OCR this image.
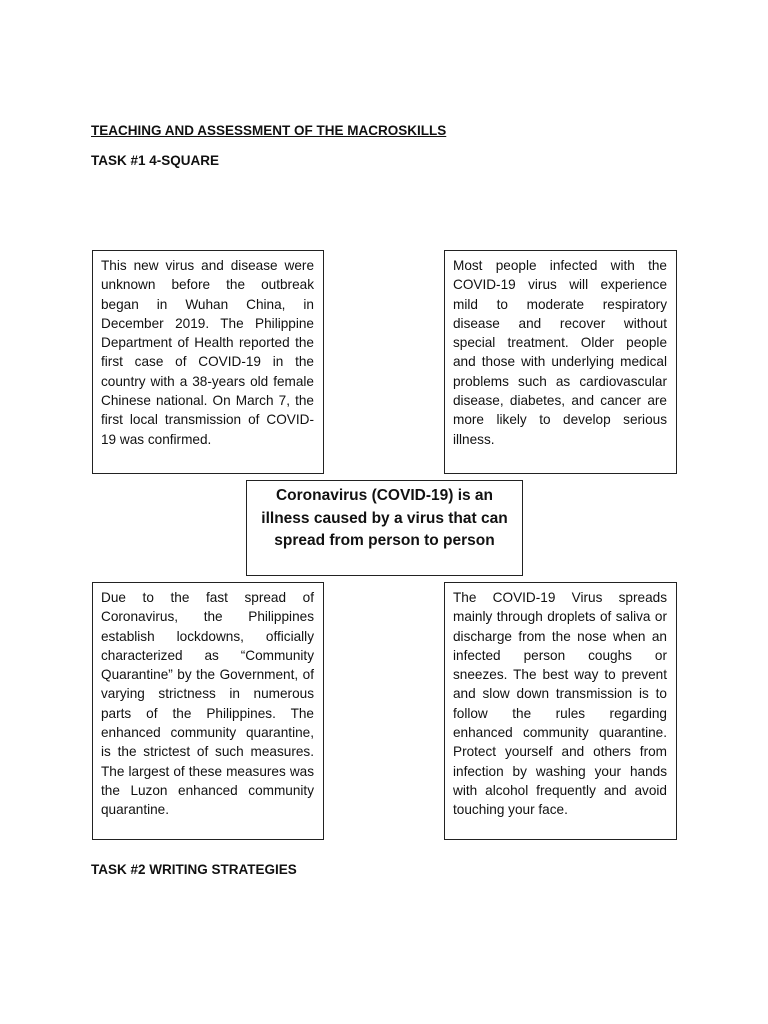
TEACHING AND ASSESSMENT OF THE MACROSKILLS
TASK #1 4-SQUARE
This new virus and disease were unknown before the outbreak began in Wuhan China, in December 2019. The Philippine Department of Health reported the first case of COVID-19 in the country with a 38-years old female Chinese national. On March 7, the first local transmission of COVID-19 was confirmed.
Most people infected with the COVID-19 virus will experience mild to moderate respiratory disease and recover without special treatment. Older people and those with underlying medical problems such as cardiovascular disease, diabetes, and cancer are more likely to develop serious illness.
Coronavirus (COVID-19) is an illness caused by a virus that can spread from person to person
Due to the fast spread of Coronavirus, the Philippines establish lockdowns, officially characterized as “Community Quarantine” by the Government, of varying strictness in numerous parts of the Philippines. The enhanced community quarantine, is the strictest of such measures. The largest of these measures was the Luzon enhanced community quarantine.
The COVID-19 Virus spreads mainly through droplets of saliva or discharge from the nose when an infected person coughs or sneezes. The best way to prevent and slow down transmission is to follow the rules regarding enhanced community quarantine. Protect yourself and others from infection by washing your hands with alcohol frequently and avoid touching your face.
TASK #2 WRITING STRATEGIES
